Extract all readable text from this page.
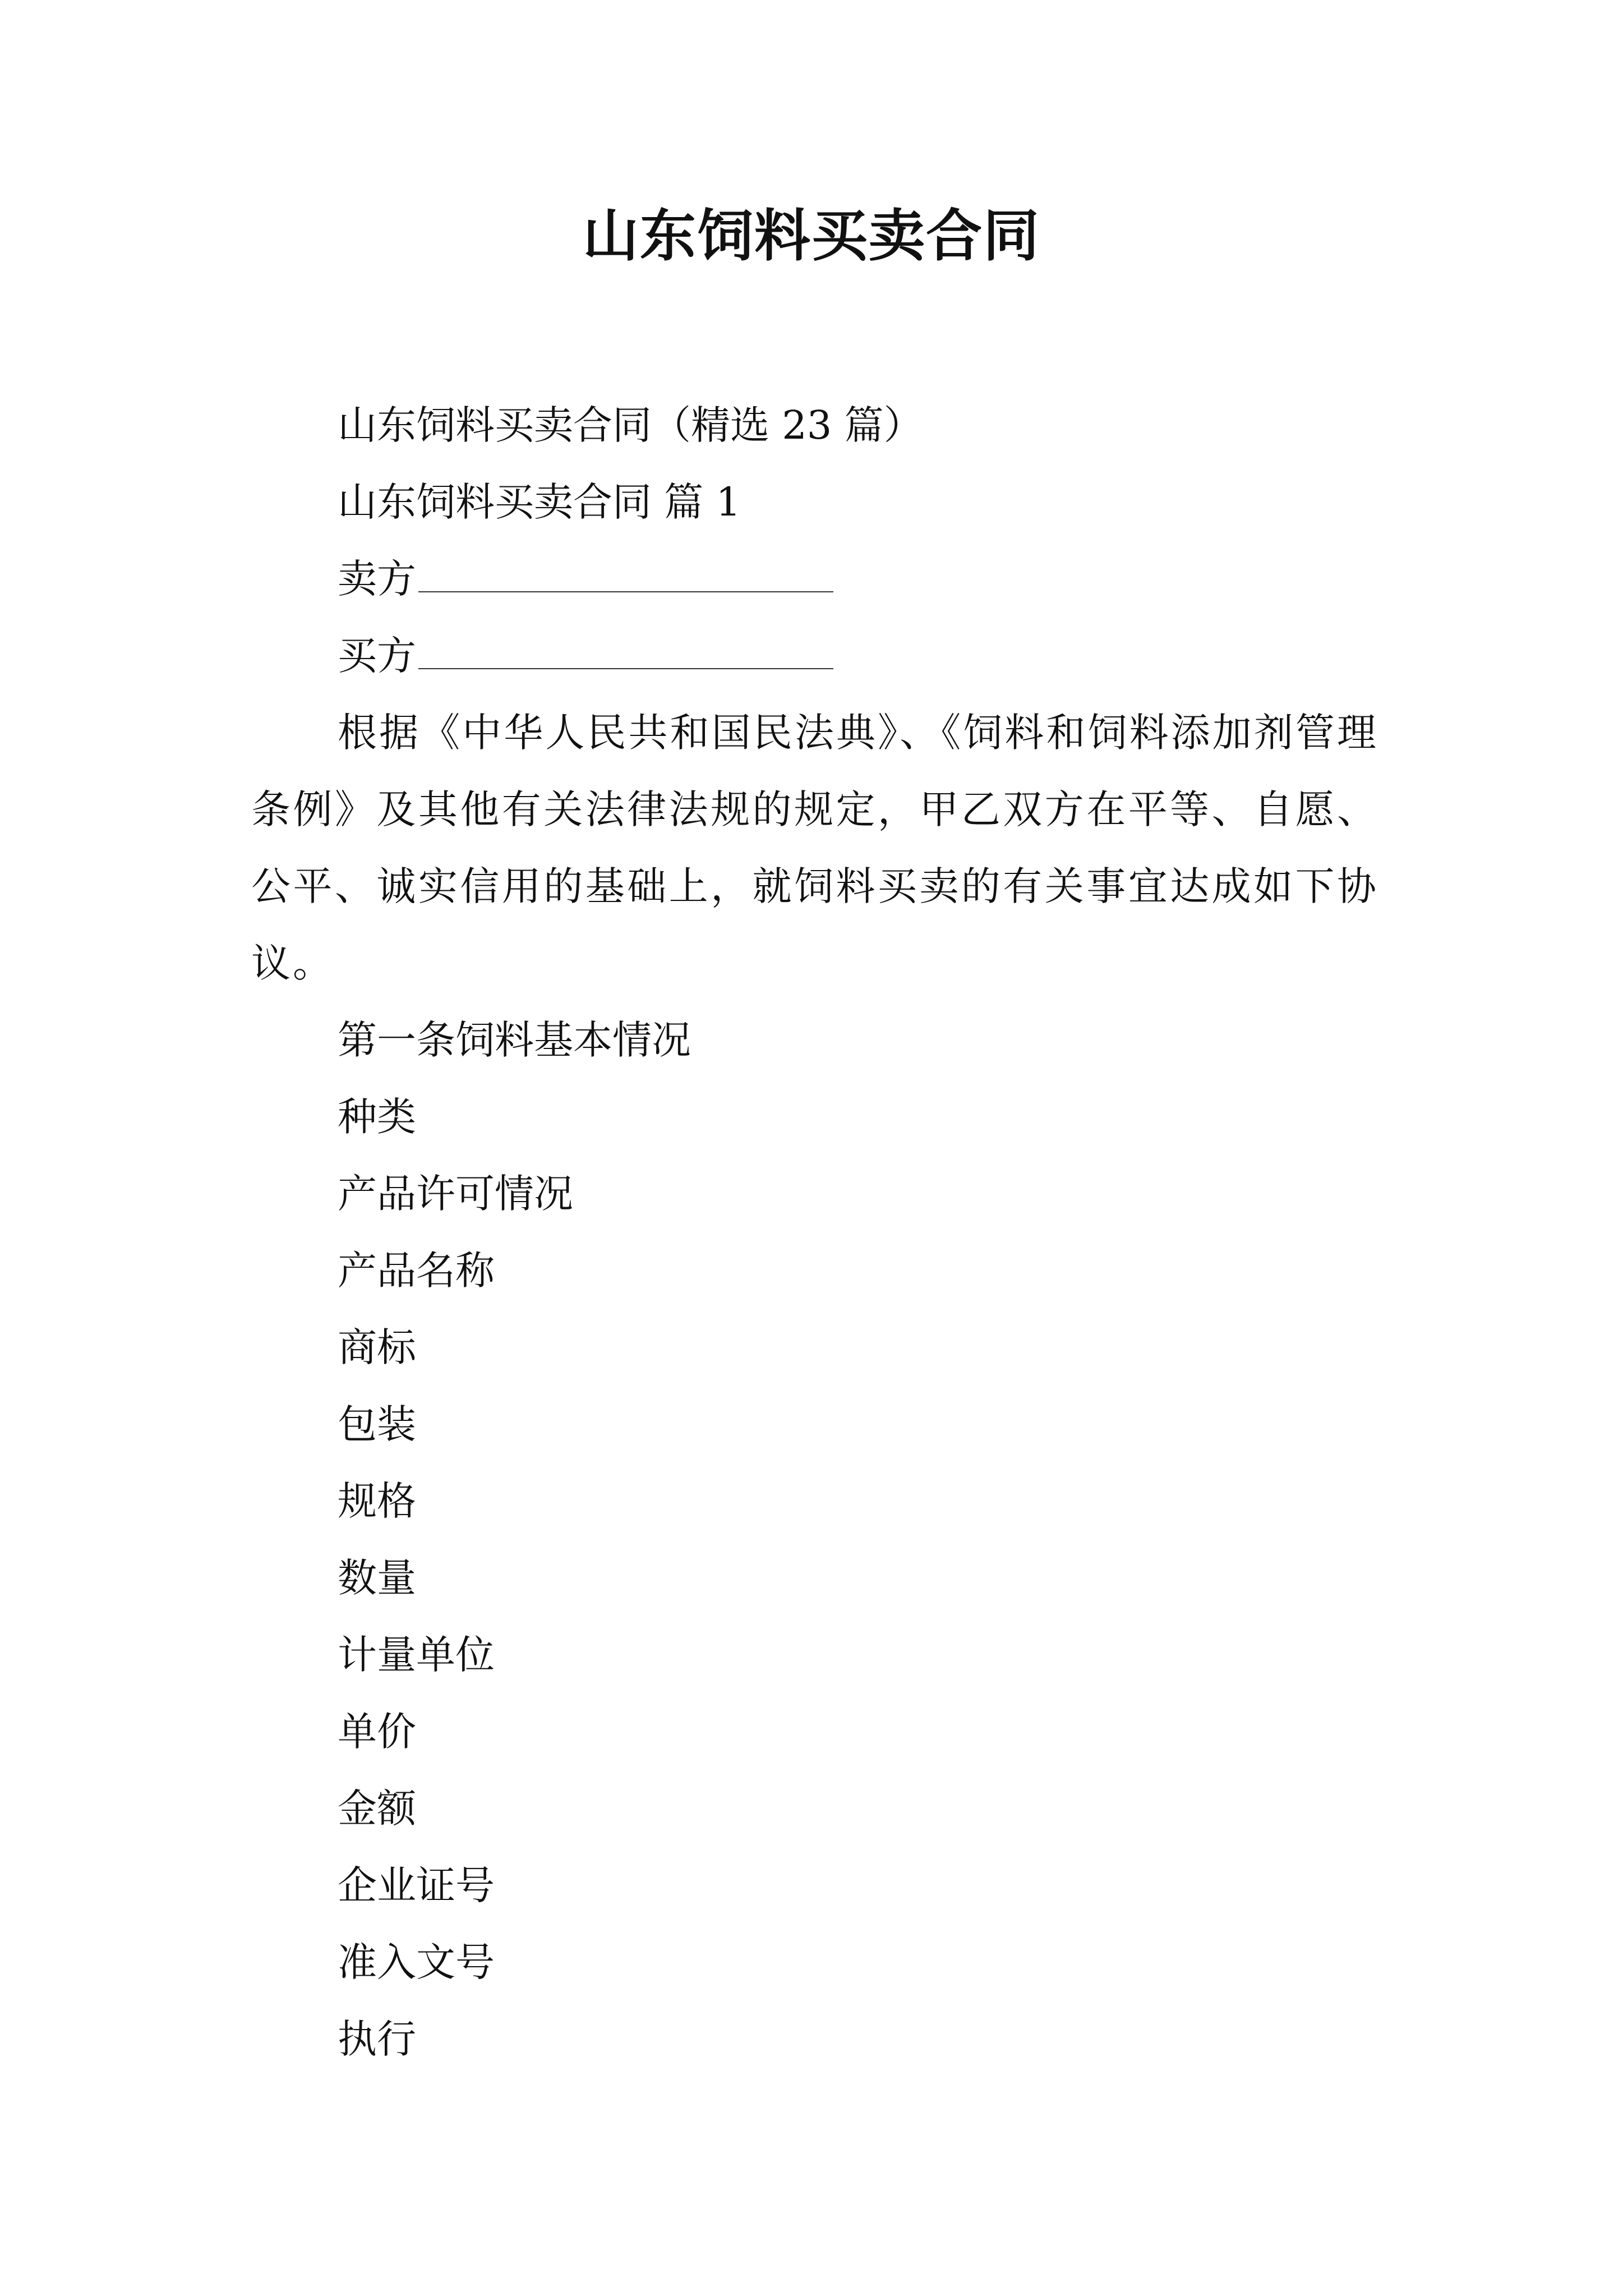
山东饲料买卖合同
山东饲料买卖合同（精选 23 篇）
山东饲料买卖合同 篇 1
卖方
买方
根据《中华人民共和国民法典》、《饲料和饲料添加剂管理条例》及其他有关法律法规的规定，甲乙双方在平等、自愿、公平、诚实信用的基础上，就饲料买卖的有关事宜达成如下协议。
第一条饲料基本情况
种类
产品许可情况
产品名称
商标
包装
规格
数量
计量单位
单价
金额
企业证号
准入文号
执行
